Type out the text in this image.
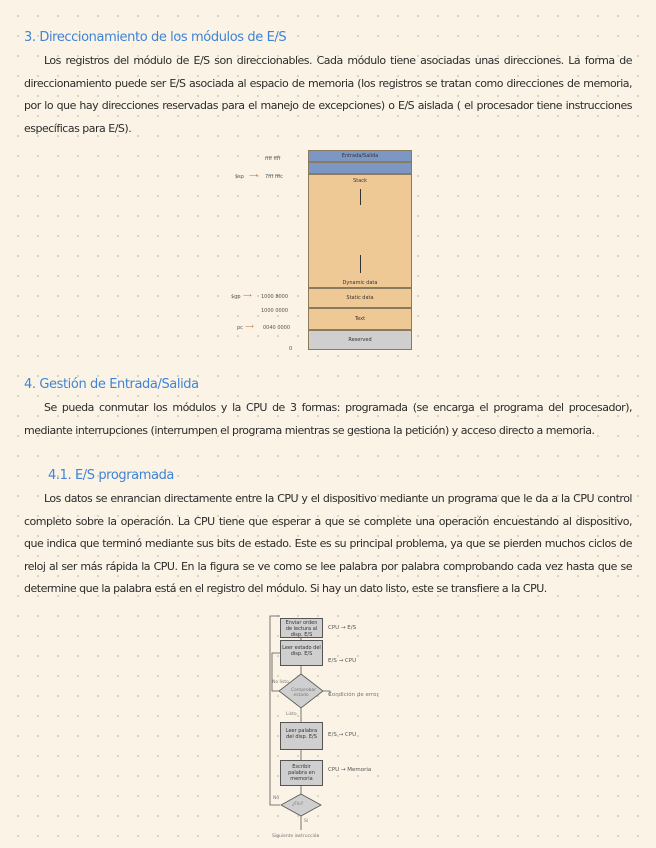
3. Direccionamiento de los módulos de E/S

Los registros del módulo de E/S son direccionables. Cada módulo tiene asociadas unas direcciones. La forma de direccionamiento puede ser E/S asociada al espacio de memoria (los registros se tratan como direcciones de memoria, por lo que hay direcciones reservadas para el manejo de excepciones) o E/S aislada ( el procesador tiene instrucciones específicas para E/S).

ffff ffff
$sp ⟶ 7fff fffc
Entrada/Salida
Stack
Dynamic data
Static data
Text
Reserved
$gp ⟶ 1000 8000
1000 0000
pc ⟶ 0040 0000
0
4. Gestión de Entrada/Salida

Se pueda conmutar los módulos y la CPU de 3 formas: programada (se encarga el programa del procesador), mediante interrupciones (interrumpen el programa mientras se gestiona la petición) y acceso directo a memoria.

4.1. E/S programada

Los datos se enrancian directamente entre la CPU y el dispositivo mediante un programa que le da a la CPU control completo sobre la operación. La CPU tiene que esperar a que se complete una operación encuestando al dispositivo, que indica que terminó mediante sus bits de estado. Este es su principal problema, ya que se pierden muchos ciclos de reloj al ser más rápida la CPU. En la figura se ve como se lee palabra por palabra comprobando cada vez hasta que se determine que la palabra está en el registro del módulo. Si hay un dato listo, este se transfiere a la CPU.

Enviar orden de lectura al disp. E/S
CPU → E/S
Leer estado del disp. E/S
E/S → CPU
Comprobar estado	Condición de error
No listo
Listo
Leer palabra del disp. E/S	E/S → CPU
Escribir palabra en memoria
CPU → Memoria
¿Fin?
No
Sí
Siguiente instrucción
